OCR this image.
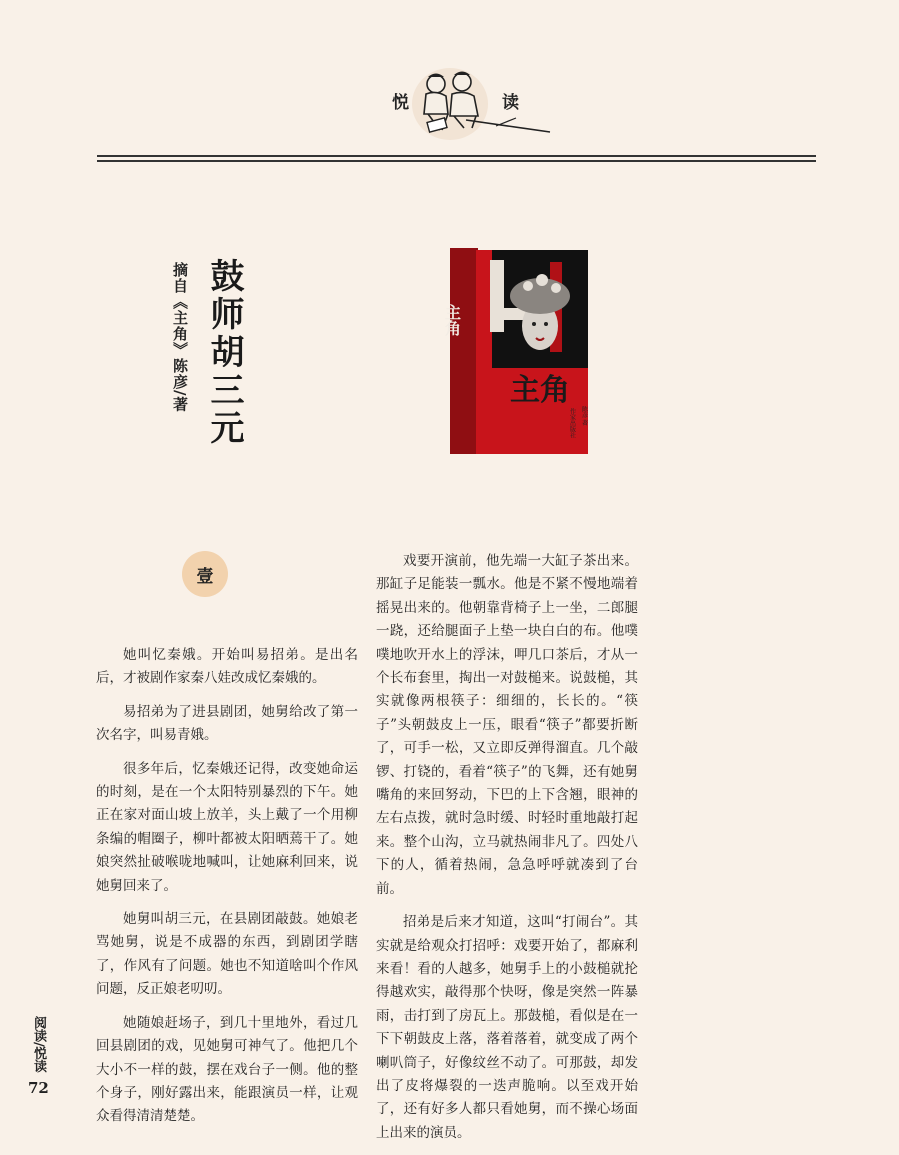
悦	读
鼓师胡三元
摘自《主角》陈彦/著	主角
主角
陈彦 著
作家出版社
壹

她叫忆秦娥。开始叫易招弟。是出名后，才被剧作家秦八娃改成忆秦娥的。

易招弟为了进县剧团，她舅给改了第一次名字，叫易青娥。

很多年后，忆秦娥还记得，改变她命运的时刻，是在一个太阳特别暴烈的下午。她正在家对面山坡上放羊，头上戴了一个用柳条编的帽圈子，柳叶都被太阳晒蔫干了。她娘突然扯破喉咙地喊叫，让她麻利回来，说她舅回来了。

她舅叫胡三元，在县剧团敲鼓。她娘老骂她舅，说是不成器的东西，到剧团学瞎了，作风有了问题。她也不知道啥叫个作风问题，反正娘老叨叨。

她随娘赶场子，到几十里地外，看过几回县剧团的戏，见她舅可神气了。他把几个大小不一样的鼓，摆在戏台子一侧。他的整个身子，刚好露出来，能跟演员一样，让观众看得清清楚楚。

戏要开演前，他先端一大缸子茶出来。那缸子足能装一瓢水。他是不紧不慢地端着摇晃出来的。他朝靠背椅子上一坐，二郎腿一跷，还给腿面子上垫一块白白的布。他噗噗地吹开水上的浮沫，呷几口茶后，才从一个长布套里，掏出一对鼓槌来。说鼓槌，其实就像两根筷子：细细的，长长的。“筷子”头朝鼓皮上一压，眼看“筷子”都要折断了，可手一松，又立即反弹得溜直。几个敲锣、打铙的，看着“筷子”的飞舞，还有她舅嘴角的来回努动，下巴的上下含翘，眼神的左右点拨，就时急时缓、时轻时重地敲打起来。整个山沟，立马就热闹非凡了。四处八下的人，循着热闹，急急呼呼就凑到了台前。

招弟是后来才知道，这叫“打闹台”。其实就是给观众打招呼：戏要开始了，都麻利来看！看的人越多，她舅手上的小鼓槌就抡得越欢实，敲得那个快呀，像是突然一阵暴雨，击打到了房瓦上。那鼓槌，看似是在一下下朝鼓皮上落，落着落着，就变成了两个喇叭筒子，好像纹丝不动了。可那鼓，却发出了皮将爆裂的一迭声脆响。以至戏开始了，还有好多人都只看她舅，而不操心场面上出来的演员。

阅读/悦读
72
